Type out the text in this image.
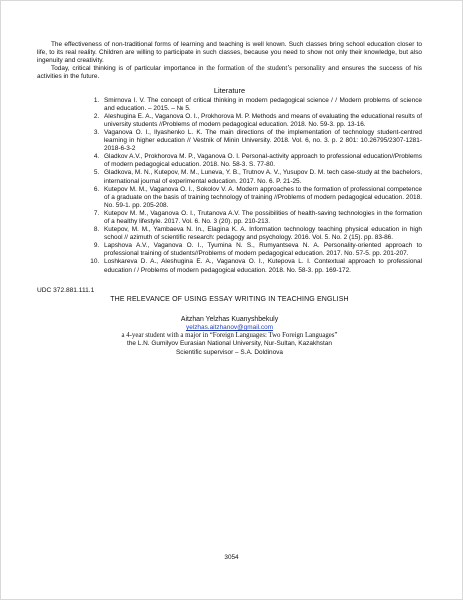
The effectiveness of non-traditional forms of learning and teaching is well known. Such classes bring school education closer to life, to its real reality. Children are willing to participate in such classes, because you need to show not only their knowledge, but also ingenuity and creativity.

Today, critical thinking is of particular importance in the formation of the student’s personality and ensures the success of his activities in the future.

Literature
1. Smirnova I. V. The concept of critical thinking in modern pedagogical science / / Modern problems of science and education. – 2015. – № 5.
2. Aleshugina E. A., Vaganova O. I., Prokhorova M. P. Methods and means of evaluating the educational results of university students //Problems of modern pedagogical education. 2018. No. 59-3. pp. 13-16.
3. Vaganova O. I., Ilyashenko L. K. The main directions of the implementation of technology student-centred learning in higher education // Vestnik of Minin University. 2018. Vol. 6, no. 3. p. 2 801: 10.26795/2307-1281-2018-6-3-2
4. Gladkov A.V., Prokhorova M. P., Vaganova O. I. Personal-activity approach to professional education//Problems of modern pedagogical education. 2018. No. 58-3. S. 77-80.
5. Gladkova, M. N., Kutepov, M. M., Luneva, Y. B., Trutnov A. V., Yusupov D. M. tech case-study at the bachelors, international journal of experimental education. 2017. No. 6. P. 21-25.
6. Kutepov M. M., Vaganova O. I., Sokolov V. A. Modern approaches to the formation of professional competence of a graduate on the basis of training technology of training //Problems of modern pedagogical education. 2018. No. 59-1. pp. 205-208.
7. Kutepov M. M., Vaganova O. I., Trutanova A.V. The possibilities of health-saving technologies in the formation of a healthy lifestyle. 2017. Vol. 6. No. 3 (20). pp. 210-213.
8. Kutepov, M. M., Yambaeva N. In., Elagina K. A. Information technology teaching physical education in high school // azimuth of scientific research: pedagogy and psychology. 2016. Vol. 5. No. 2 (15). pp. 83-86.
9. Lapshova A.V., Vaganova O. I., Tyumina N. S., Rumyantseva N. A. Personality-oriented approach to professional training of students//Problems of modern pedagogical education. 2017. No. 57-5. pp. 201-207.
10. Loshkareva D. A., Aleshugina E. A., Vaganova O. I., Kutepova L. I. Contextual approach to professional education / / Problems of modern pedagogical education. 2018. No. 58-3. pp. 169-172.
UDC 372.881.111.1
THE RELEVANCE OF USING ESSAY WRITING IN TEACHING ENGLISH
Aitzhan Yelzhas Kuanyshbekuly
yelzhas.aitzhanov@gmail.com
a 4-year student with a major in “Foreign Languages: Two Foreign Languages”
the L.N. Gumilyov Eurasian National University, Nur-Sultan, Kazakhstan
Scientific supervisor – S.A. Doldinova
3054
